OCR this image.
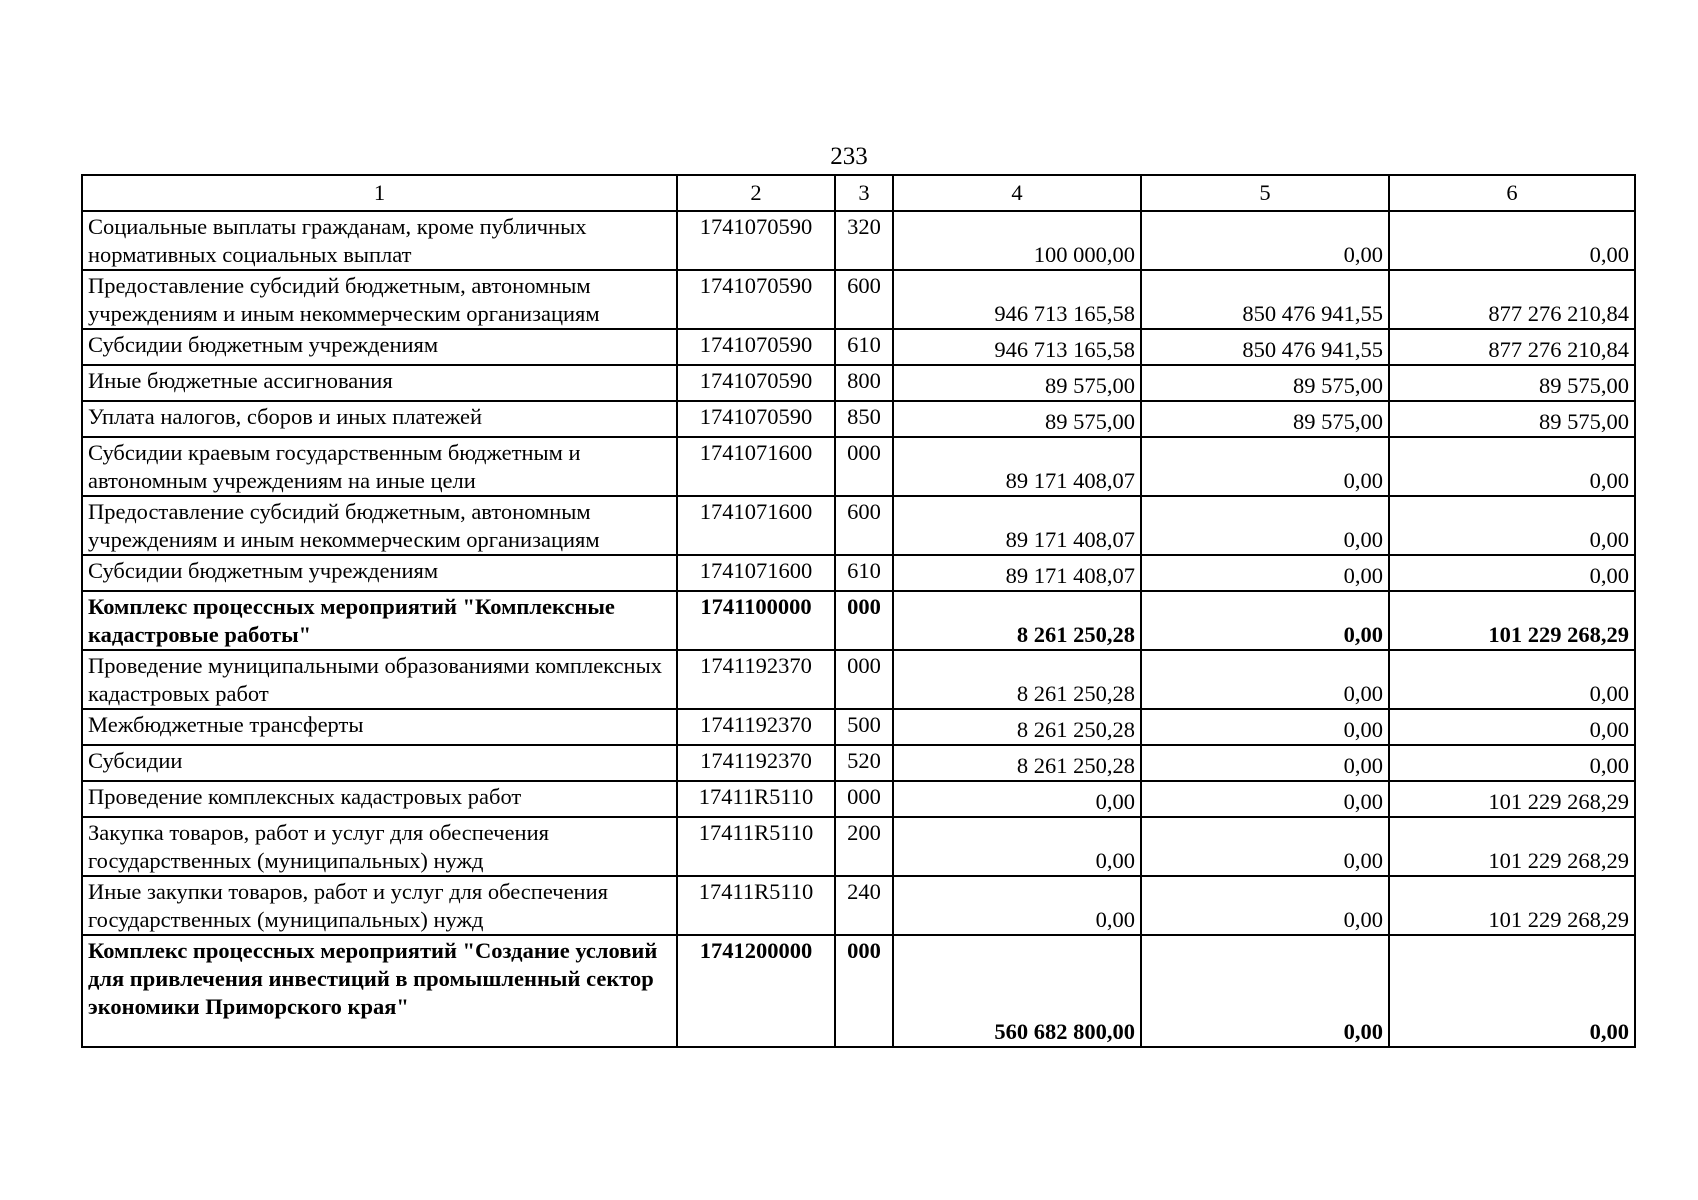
233
1	2	3	4	5	6
Социальные выплаты гражданам, кроме публичных нормативных социальных выплат	1741070590	320	100 000,00	0,00	0,00
Предоставление субсидий бюджетным, автономным учреждениям и иным некоммерческим организациям	1741070590	600	946 713 165,58	850 476 941,55	877 276 210,84
Субсидии бюджетным учреждениям	1741070590	610	946 713 165,58	850 476 941,55	877 276 210,84
Иные бюджетные ассигнования	1741070590	800	89 575,00	89 575,00	89 575,00
Уплата налогов, сборов и иных платежей	1741070590	850	89 575,00	89 575,00	89 575,00
Субсидии краевым государственным бюджетным и автономным учреждениям на иные цели	1741071600	000	89 171 408,07	0,00	0,00
Предоставление субсидий бюджетным, автономным учреждениям и иным некоммерческим организациям	1741071600	600	89 171 408,07	0,00	0,00
Субсидии бюджетным учреждениям	1741071600	610	89 171 408,07	0,00	0,00
Комплекс процессных мероприятий "Комплексные кадастровые работы"	1741100000	000	8 261 250,28	0,00	101 229 268,29
Проведение муниципальными образованиями комплексных кадастровых работ	1741192370	000	8 261 250,28	0,00	0,00
Межбюджетные трансферты	1741192370	500	8 261 250,28	0,00	0,00
Субсидии	1741192370	520	8 261 250,28	0,00	0,00
Проведение комплексных кадастровых работ	17411R5110	000	0,00	0,00	101 229 268,29
Закупка товаров, работ и услуг для обеспечения государственных (муниципальных) нужд	17411R5110	200	0,00	0,00	101 229 268,29
Иные закупки товаров, работ и услуг для обеспечения государственных (муниципальных) нужд	17411R5110	240	0,00	0,00	101 229 268,29
Комплекс процессных мероприятий "Создание условий для привлечения инвестиций в промышленный сектор экономики Приморского края"	1741200000	000	560 682 800,00	0,00	0,00
